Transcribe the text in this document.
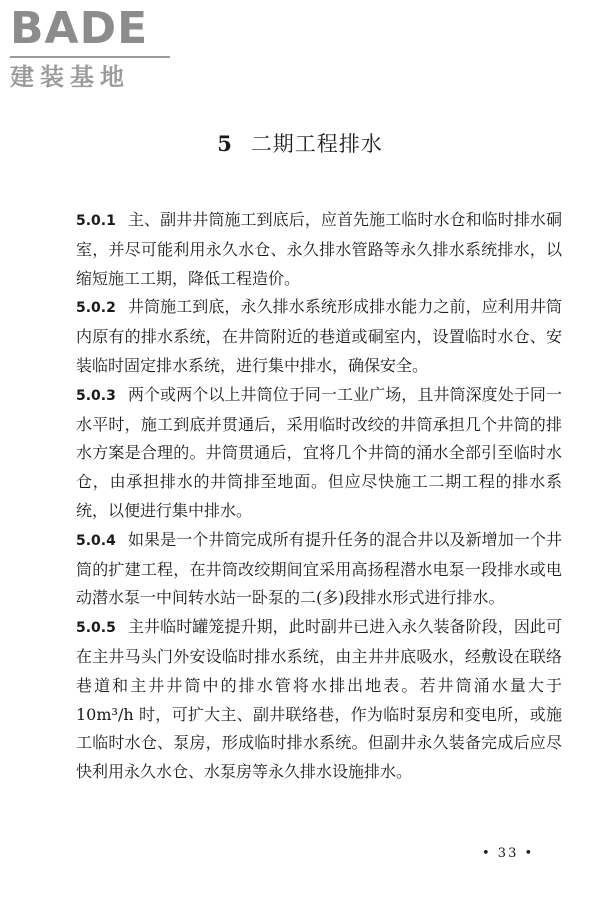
BADE
建装基地
5 二期工程排水

5.0.1 主、副井井筒施工到底后，应首先施工临时水仓和临时排水硐室，并尽可能利用永久水仓、永久排水管路等永久排水系统排水，以缩短施工工期，降低工程造价。

5.0.2 井筒施工到底，永久排水系统形成排水能力之前，应利用井筒内原有的排水系统，在井筒附近的巷道或硐室内，设置临时水仓、安装临时固定排水系统，进行集中排水，确保安全。

5.0.3 两个或两个以上井筒位于同一工业广场，且井筒深度处于同一水平时，施工到底并贯通后，采用临时改绞的井筒承担几个井筒的排水方案是合理的。井筒贯通后，宜将几个井筒的涌水全部引至临时水仓，由承担排水的井筒排至地面。但应尽快施工二期工程的排水系统，以便进行集中排水。

5.0.4 如果是一个井筒完成所有提升任务的混合井以及新增加一个井筒的扩建工程，在井筒改绞期间宜采用高扬程潜水电泵一段排水或电动潜水泵一中间转水站一卧泵的二(多)段排水形式进行排水。

5.0.5 主井临时罐笼提升期，此时副井已进入永久装备阶段，因此可在主井马头门外安设临时排水系统，由主井井底吸水，经敷设在联络巷道和主井井筒中的排水管将水排出地表。若井筒涌水量大于 10m³/h 时，可扩大主、副井联络巷，作为临时泵房和变电所，或施工临时水仓、泵房，形成临时排水系统。但副井永久装备完成后应尽快利用永久水仓、水泵房等永久排水设施排水。

• 33 •
